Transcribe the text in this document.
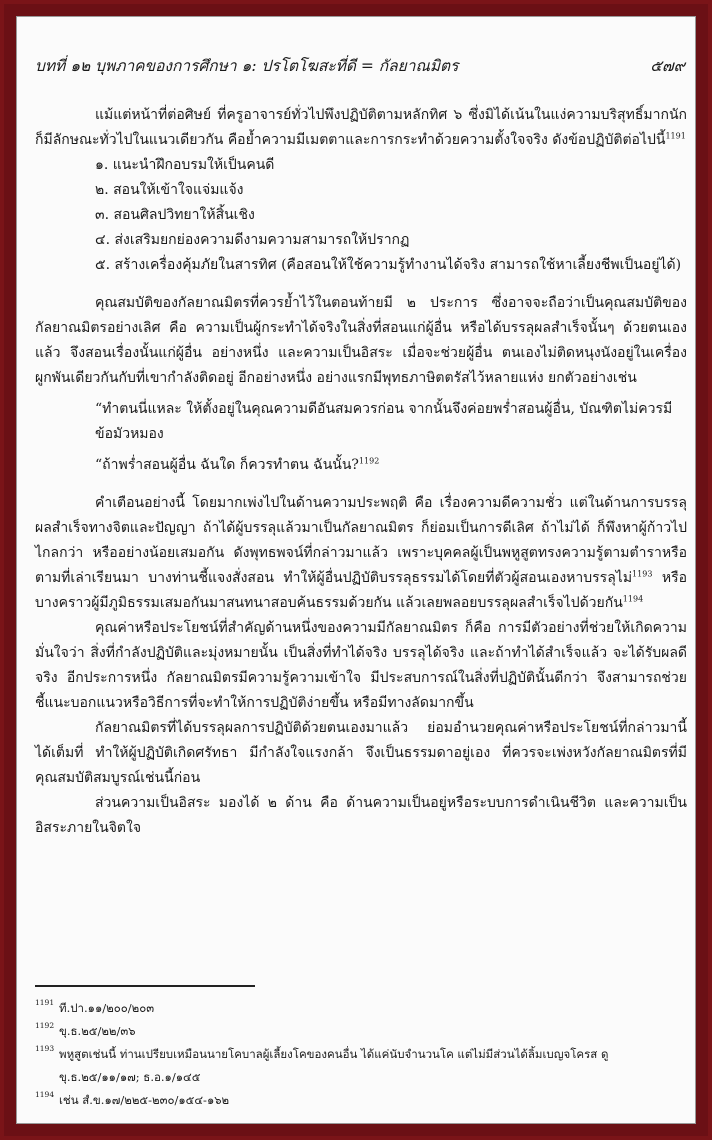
บทที่ ๑๒ บุพภาคของการศึกษา ๑: ปรโตโฆสะที่ดี = กัลยาณมิตร	๕๗๙

แม้แต่หน้าที่ต่อศิษย์ ที่ครูอาจารย์ทั่วไปพึงปฏิบัติตามหลักทิศ ๖ ซึ่งมิได้เน้นในแง่ความบริสุทธิ์มากนัก ก็มีลักษณะทั่วไปในแนวเดียวกัน คือย้ำความมีเมตตาและการกระทำด้วยความตั้งใจจริง ดังข้อปฏิบัติต่อไปนี้$^{1191}$

๑. แนะนำฝึกอบรมให้เป็นคนดี
๒. สอนให้เข้าใจแจ่มแจ้ง
๓. สอนศิลปวิทยาให้สิ้นเชิง
๔. ส่งเสริมยกย่องความดีงามความสามารถให้ปรากฏ
๕. สร้างเครื่องคุ้มภัยในสารทิศ (คือสอนให้ใช้ความรู้ทำงานได้จริง สามารถใช้หาเลี้ยงชีพเป็นอยู่ได้)

คุณสมบัติของกัลยาณมิตรที่ควรย้ำไว้ในตอนท้ายมี ๒ ประการ ซึ่งอาจจะถือว่าเป็นคุณสมบัติของกัลยาณมิตรอย่างเลิศ คือ ความเป็นผู้กระทำได้จริงในสิ่งที่สอนแก่ผู้อื่น หรือได้บรรลุผลสำเร็จนั้นๆ ด้วยตนเองแล้ว จึงสอนเรื่องนั้นแก่ผู้อื่น อย่างหนึ่ง และความเป็นอิสระ เมื่อจะช่วยผู้อื่น ตนเองไม่ติดหนุงนังอยู่ในเครื่องผูกพันเดียวกันกับที่เขากำลังติดอยู่ อีกอย่างหนึ่ง อย่างแรกมีพุทธภาษิตตรัสไว้หลายแห่ง ยกตัวอย่างเช่น

“ทำตนนี่แหละ ให้ตั้งอยู่ในคุณความดีอันสมควรก่อน จากนั้นจึงค่อยพร่ำสอนผู้อื่น, บัณฑิตไม่ควรมีข้อมัวหมอง

“ถ้าพร่ำสอนผู้อื่น ฉันใด ก็ควรทำตน ฉันนั้น?$^{1192}$

คำเตือนอย่างนี้ โดยมากเพ่งไปในด้านความประพฤติ คือ เรื่องความดีความชั่ว แต่ในด้านการบรรลุผลสำเร็จทางจิตและปัญญา ถ้าได้ผู้บรรลุแล้วมาเป็นกัลยาณมิตร ก็ย่อมเป็นการดีเลิศ ถ้าไม่ได้ ก็พึงหาผู้ก้าวไปไกลกว่า หรืออย่างน้อยเสมอกัน ดังพุทธพจน์ที่กล่าวมาแล้ว เพราะบุคคลผู้เป็นพหูสูตทรงความรู้ตามตำราหรือตามที่เล่าเรียนมา บางท่านชี้แจงสั่งสอน ทำให้ผู้อื่นปฏิบัติบรรลุธรรมได้โดยที่ตัวผู้สอนเองหาบรรลุไม่$^{1193}$ หรือบางคราวผู้มีภูมิธรรมเสมอกันมาสนทนาสอบค้นธรรมด้วยกัน แล้วเลยพลอยบรรลุผลสำเร็จไปด้วยกัน$^{1194}$

คุณค่าหรือประโยชน์ที่สำคัญด้านหนึ่งของความมีกัลยาณมิตร ก็คือ การมีตัวอย่างที่ช่วยให้เกิดความมั่นใจว่า สิ่งที่กำลังปฏิบัติและมุ่งหมายนั้น เป็นสิ่งที่ทำได้จริง บรรลุได้จริง และถ้าทำได้สำเร็จแล้ว จะได้รับผลดีจริง อีกประการหนึ่ง กัลยาณมิตรมีความรู้ความเข้าใจ มีประสบการณ์ในสิ่งที่ปฏิบัตินั้นดีกว่า จึงสามารถช่วยชี้แนะบอกแนวหรือวิธีการที่จะทำให้การปฏิบัติง่ายขึ้น หรือมีทางลัดมากขึ้น

กัลยาณมิตรที่ได้บรรลุผลการปฏิบัติด้วยตนเองมาแล้ว ย่อมอำนวยคุณค่าหรือประโยชน์ที่กล่าวมานี้ได้เต็มที่ ทำให้ผู้ปฏิบัติเกิดศรัทธา มีกำลังใจแรงกล้า จึงเป็นธรรมดาอยู่เอง ที่ควรจะเพ่งหวังกัลยาณมิตรที่มีคุณสมบัติสมบูรณ์เช่นนี้ก่อน

ส่วนความเป็นอิสระ มองได้ ๒ ด้าน คือ ด้านความเป็นอยู่หรือระบบการดำเนินชีวิต และความเป็นอิสระภายในจิตใจ

1191 ที.ปา.๑๑/๒๐๐/๒๐๓
1192 ขุ.ธ.๒๕/๒๒/๓๖
1193 พหูสูตเช่นนี้ ท่านเปรียบเหมือนนายโคบาลผู้เลี้ยงโคของคนอื่น ได้แค่นับจำนวนโค แต่ไม่มีส่วนได้ลิ้มเบญจโครส ดู ขุ.ธ.๒๕/๑๑/๑๗; ธ.อ.๑/๑๔๕
1194 เช่น สํ.ข.๑๗/๒๒๕-๒๓๐/๑๕๔-๑๖๒
